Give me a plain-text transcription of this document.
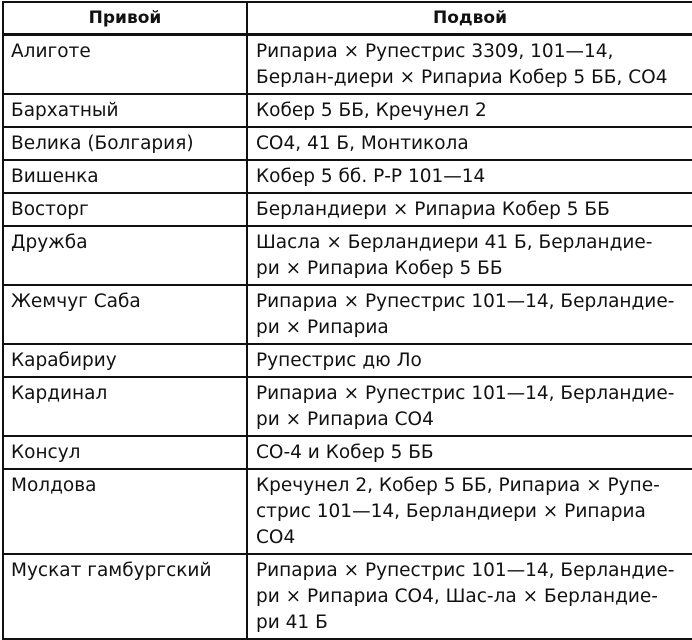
Привой	Подвой
Алиготе	Рипариа × Рупестрис 3309, 101—14,
Берлан-диери × Рипариа Кобер 5 ББ, СО4
Бархатный	Кобер 5 ББ, Кречунел 2
Велика (Болгария)	СО4, 41 Б, Монтикола
Вишенка	Кобер 5 бб. Р-Р 101—14
Восторг	Берландиери × Рипариа Кобер 5 ББ
Дружба	Шасла × Берландиери 41 Б, Берландие-
ри × Рипариа Кобер 5 ББ
Жемчуг Саба	Рипариа × Рупестрис 101—14, Берландие-
ри × Рипариа
Карабириу	Рупестрис дю Ло
Кардинал	Рипариа × Рупестрис 101—14, Берландие-
ри × Рипариа СО4
Консул	СО-4 и Кобер 5 ББ
Молдова	Кречунел 2, Кобер 5 ББ, Рипариа × Рупе-
стрис 101—14, Берландиери × Рипариа
СО4
Мускат гамбургский	Рипариа × Рупестрис 101—14, Берландие-
ри × Рипариа СО4, Шас-ла × Берландие-
ри 41 Б
